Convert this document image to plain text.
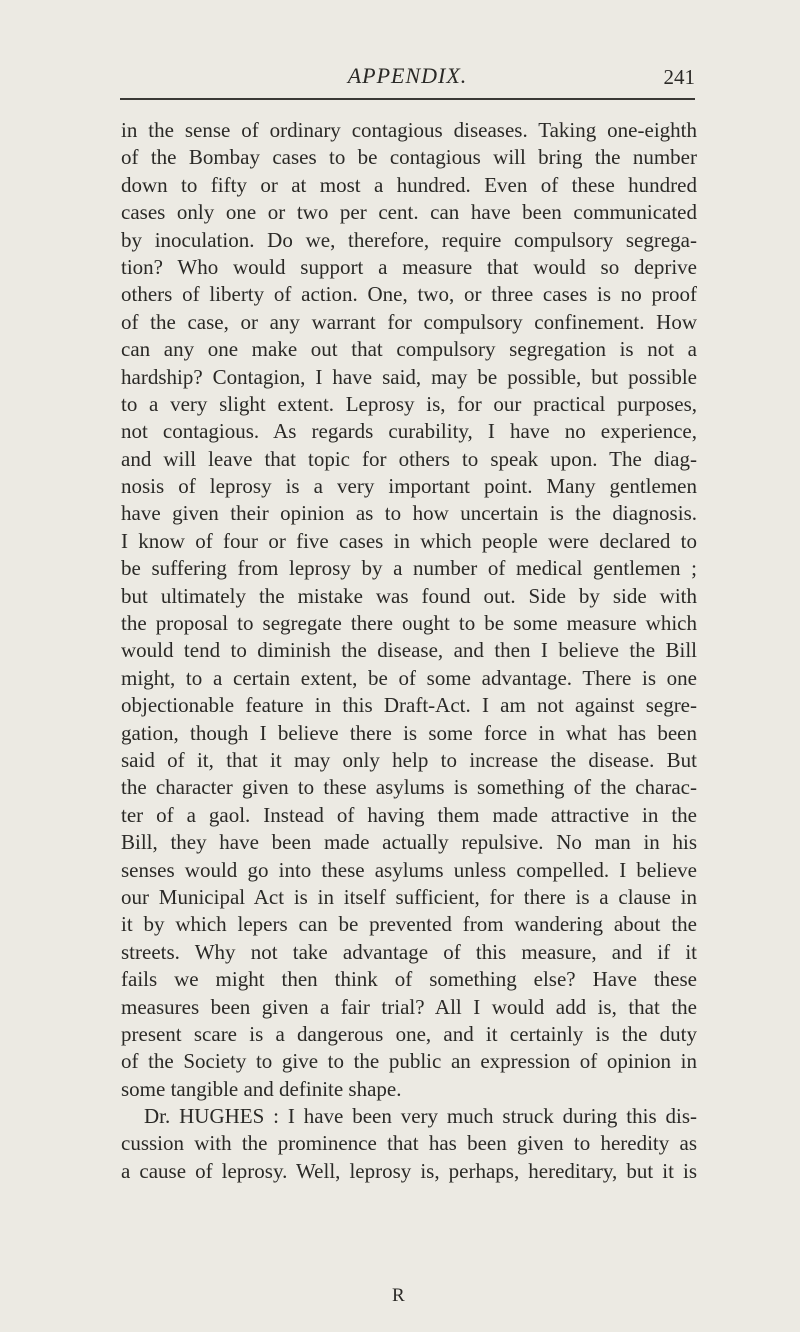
APPENDIX.	241
in the sense of ordinary contagious diseases. Taking one-eighth
of the Bombay cases to be contagious will bring the number
down to fifty or at most a hundred. Even of these hundred
cases only one or two per cent. can have been communicated
by inoculation. Do we, therefore, require compulsory segrega-
tion? Who would support a measure that would so deprive
others of liberty of action. One, two, or three cases is no proof
of the case, or any warrant for compulsory confinement. How
can any one make out that compulsory segregation is not a
hardship? Contagion, I have said, may be possible, but possible
to a very slight extent. Leprosy is, for our practical purposes,
not contagious. As regards curability, I have no experience,
and will leave that topic for others to speak upon. The diag-
nosis of leprosy is a very important point. Many gentlemen
have given their opinion as to how uncertain is the diagnosis.
I know of four or five cases in which people were declared to
be suffering from leprosy by a number of medical gentlemen ;
but ultimately the mistake was found out. Side by side with
the proposal to segregate there ought to be some measure which
would tend to diminish the disease, and then I believe the Bill
might, to a certain extent, be of some advantage. There is one
objectionable feature in this Draft-Act. I am not against segre-
gation, though I believe there is some force in what has been
said of it, that it may only help to increase the disease. But
the character given to these asylums is something of the charac-
ter of a gaol. Instead of having them made attractive in the
Bill, they have been made actually repulsive. No man in his
senses would go into these asylums unless compelled. I believe
our Municipal Act is in itself sufficient, for there is a clause in
it by which lepers can be prevented from wandering about the
streets. Why not take advantage of this measure, and if it
fails we might then think of something else? Have these
measures been given a fair trial? All I would add is, that the
present scare is a dangerous one, and it certainly is the duty
of the Society to give to the public an expression of opinion in
some tangible and definite shape.
Dr. HUGHES : I have been very much struck during this dis-
cussion with the prominence that has been given to heredity as
a cause of leprosy. Well, leprosy is, perhaps, hereditary, but it is
R
